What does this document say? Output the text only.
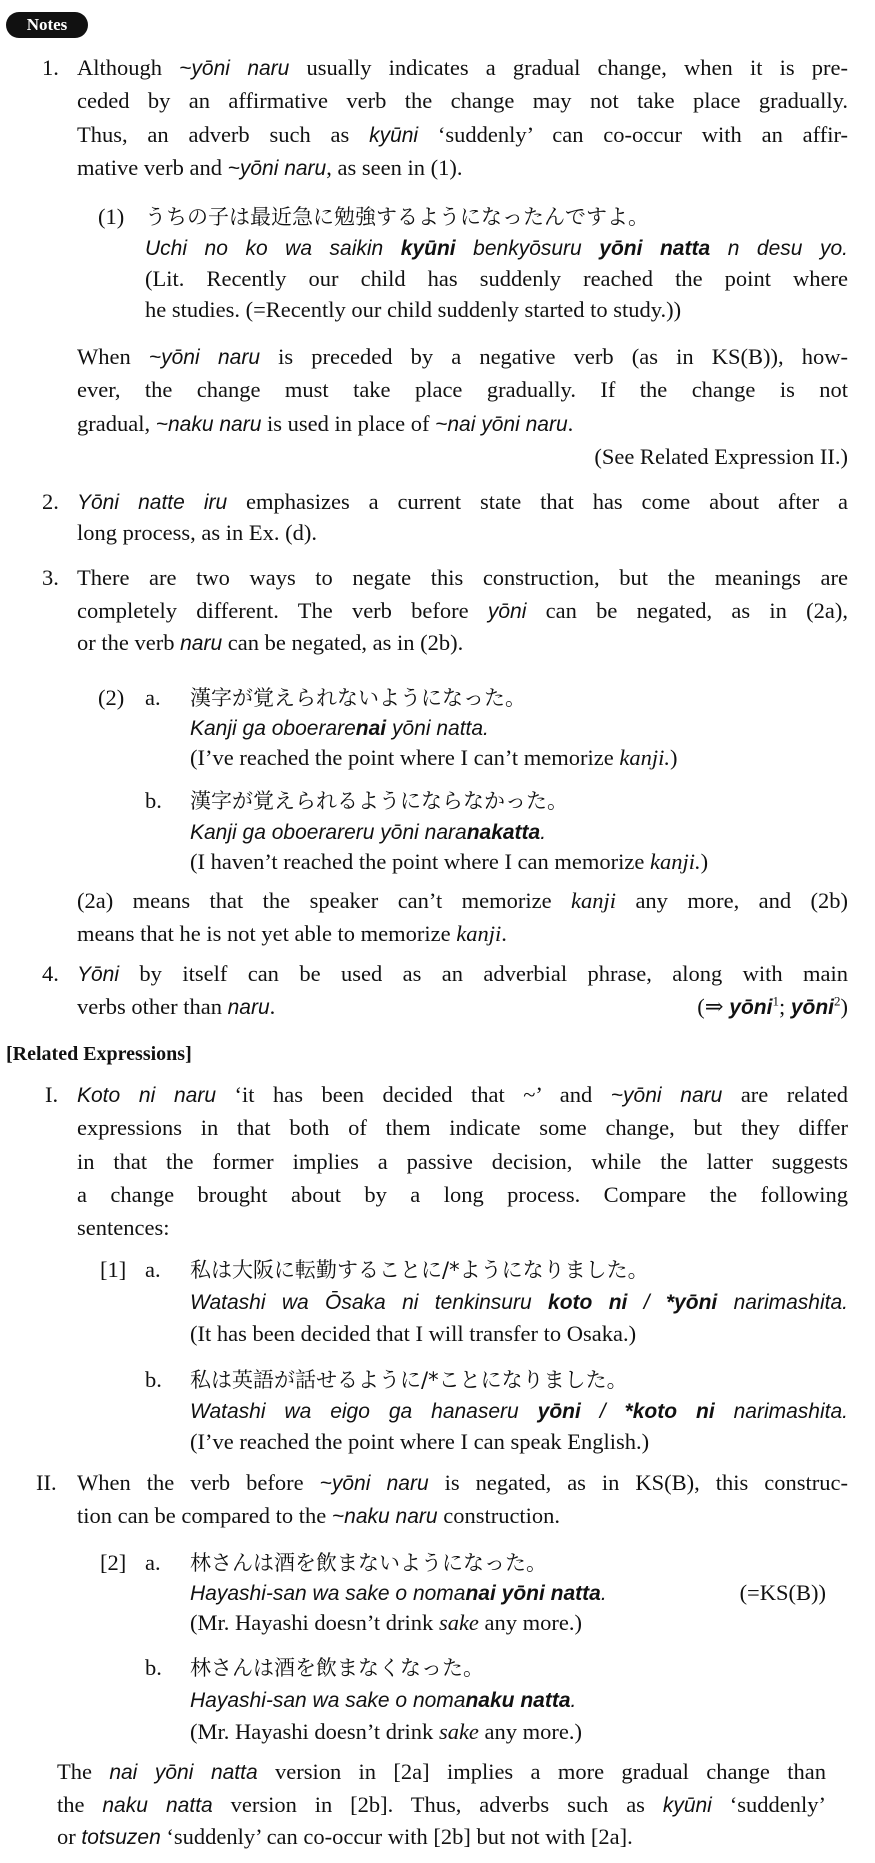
Notes
1. Although ~yōni naru usually indicates a gradual change, when it is pre-
ceded by an affirmative verb the change may not take place gradually.
Thus, an adverb such as kyūni ‘suddenly’ can co-occur with an affir-
mative verb and ~yōni naru, as seen in (1).
(1) うちの子は最近急に勉強するようになったんですよ。
Uchi no ko wa saikin kyūni benkyōsuru yōni natta n desu yo.
(Lit. Recently our child has suddenly reached the point where
he studies. (=Recently our child suddenly started to study.))
When ~yōni naru is preceded by a negative verb (as in KS(B)), how-
ever, the change must take place gradually. If the change is not
gradual, ~naku naru is used in place of ~nai yōni naru.
(See Related Expression II.)
2. Yōni natte iru emphasizes a current state that has come about after a
long process, as in Ex. (d).
3. There are two ways to negate this construction, but the meanings are
completely different. The verb before yōni can be negated, as in (2a),
or the verb naru can be negated, as in (2b).
(2) a. 漢字が覚えられないようになった。
Kanji ga oboerarenai yōni natta.
(I’ve reached the point where I can’t memorize kanji.)
b. 漢字が覚えられるようにならなかった。
Kanji ga oboerareru yōni naranakatta.
(I haven’t reached the point where I can memorize kanji.)
(2a) means that the speaker can’t memorize kanji any more, and (2b)
means that he is not yet able to memorize kanji.
4. Yōni by itself can be used as an adverbial phrase, along with main
(⇒ yōni$^1$; yōni$^2$)
verbs other than naru.
[Related Expressions]
I. Koto ni naru ‘it has been decided that ~’ and ~yōni naru are related
expressions in that both of them indicate some change, but they differ
in that the former implies a passive decision, while the latter suggests
a change brought about by a long process. Compare the following
sentences:
[1] a. 私は大阪に転勤することに/*ようになりました。
Watashi wa Ōsaka ni tenkinsuru koto ni / *yōni narimashita.
(It has been decided that I will transfer to Osaka.)
b. 私は英語が話せるように/*ことになりました。
Watashi wa eigo ga hanaseru yōni / *koto ni narimashita.
(I’ve reached the point where I can speak English.)
II. When the verb before ~yōni naru is negated, as in KS(B), this construc-
tion can be compared to the ~naku naru construction.
[2] a. 林さんは酒を飲まないようになった。
(=KS(B))
Hayashi-san wa sake o nomanai yōni natta.
(Mr. Hayashi doesn’t drink sake any more.)
b. 林さんは酒を飲まなくなった。
Hayashi-san wa sake o nomanaku natta.
(Mr. Hayashi doesn’t drink sake any more.)
The nai yōni natta version in [2a] implies a more gradual change than
the naku natta version in [2b]. Thus, adverbs such as kyūni ‘suddenly’
or totsuzen ‘suddenly’ can co-occur with [2b] but not with [2a].
